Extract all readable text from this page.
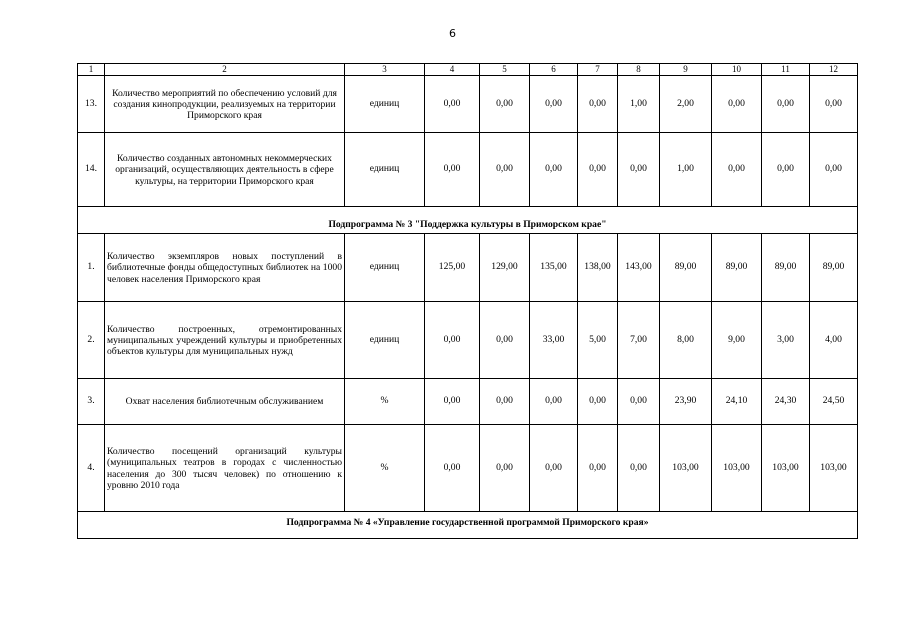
6
1	2	3	4	5	6	7	8	9	10	11	12
13.	Количество мероприятий по обеспечению условий для создания кинопродукции, реализуемых на территории Приморского края	единиц	0,00	0,00	0,00	0,00	1,00	2,00	0,00	0,00	0,00
14.	Количество созданных автономных некоммерческих организаций, осуществляющих деятельность в сфере культуры, на территории Приморского края	единиц	0,00	0,00	0,00	0,00	0,00	1,00	0,00	0,00	0,00
Подпрограмма № 3 "Поддержка культуры в Приморском крае"											
1.	Количество экземпляров новых поступлений в библиотечные фонды общедоступных библиотек на 1000 человек населения Приморского края	единиц	125,00	129,00	135,00	138,00	143,00	89,00	89,00	89,00	89,00
2.	Количество построенных, отремонтированных муниципальных учреждений культуры и приобретенных объектов культуры для муниципальных нужд	единиц	0,00	0,00	33,00	5,00	7,00	8,00	9,00	3,00	4,00
3.	Охват населения библиотечным обслуживанием	%	0,00	0,00	0,00	0,00	0,00	23,90	24,10	24,30	24,50
4.	Количество посещений организаций культуры (муниципальных театров в городах с численностью населения до 300 тысяч человек) по отношению к уровню 2010 года	%	0,00	0,00	0,00	0,00	0,00	103,00	103,00	103,00	103,00
Подпрограмма № 4 «Управление государственной программой Приморского края»											
